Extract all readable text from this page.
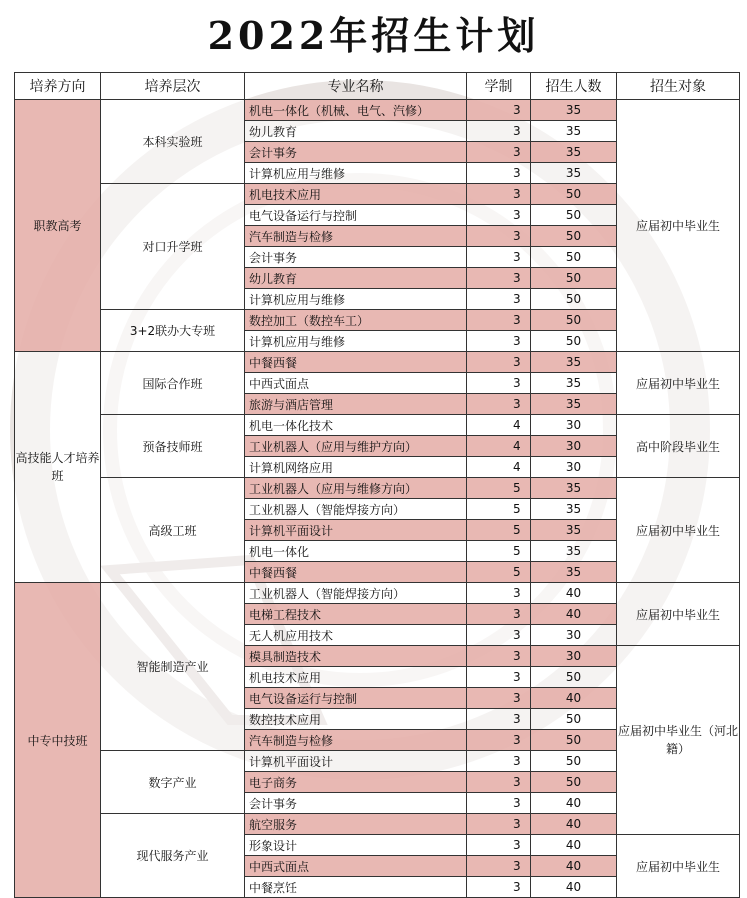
2022年招生计划
培养方向	培养层次	专业名称	学制	招生人数	招生对象
职教高考	本科实验班	机电一体化（机械、电气、汽修）	3	35	应届初中毕业生
		幼儿教育	3	35	
		会计事务	3	35	
		计算机应用与维修	3	35	
	对口升学班	机电技术应用	3	50	
		电气设备运行与控制	3	50	
		汽车制造与检修	3	50	
		会计事务	3	50	
		幼儿教育	3	50	
		计算机应用与维修	3	50	
	3+2联办大专班	数控加工（数控车工）	3	50	
		计算机应用与维修	3	50	
高技能人才培养班	国际合作班	中餐西餐	3	35	应届初中毕业生
		中西式面点	3	35	
		旅游与酒店管理	3	35	
	预备技师班	机电一体化技术	4	30	高中阶段毕业生
		工业机器人（应用与维护方向）	4	30	
		计算机网络应用	4	30	
	高级工班	工业机器人（应用与维修方向）	5	35	应届初中毕业生
		工业机器人（智能焊接方向）	5	35	
		计算机平面设计	5	35	
		机电一体化	5	35	
		中餐西餐	5	35	
中专中技班	智能制造产业	工业机器人（智能焊接方向）	3	40	应届初中毕业生
		电梯工程技术	3	40	
		无人机应用技术	3	30	
		模具制造技术	3	30	应届初中毕业生（河北籍）
		机电技术应用	3	50	
		电气设备运行与控制	3	40	
		数控技术应用	3	50	
		汽车制造与检修	3	50	
	数字产业	计算机平面设计	3	50	
		电子商务	3	50	
		会计事务	3	40	
	现代服务产业	航空服务	3	40	
		形象设计	3	40	应届初中毕业生
		中西式面点	3	40	
		中餐烹饪	3	40	
